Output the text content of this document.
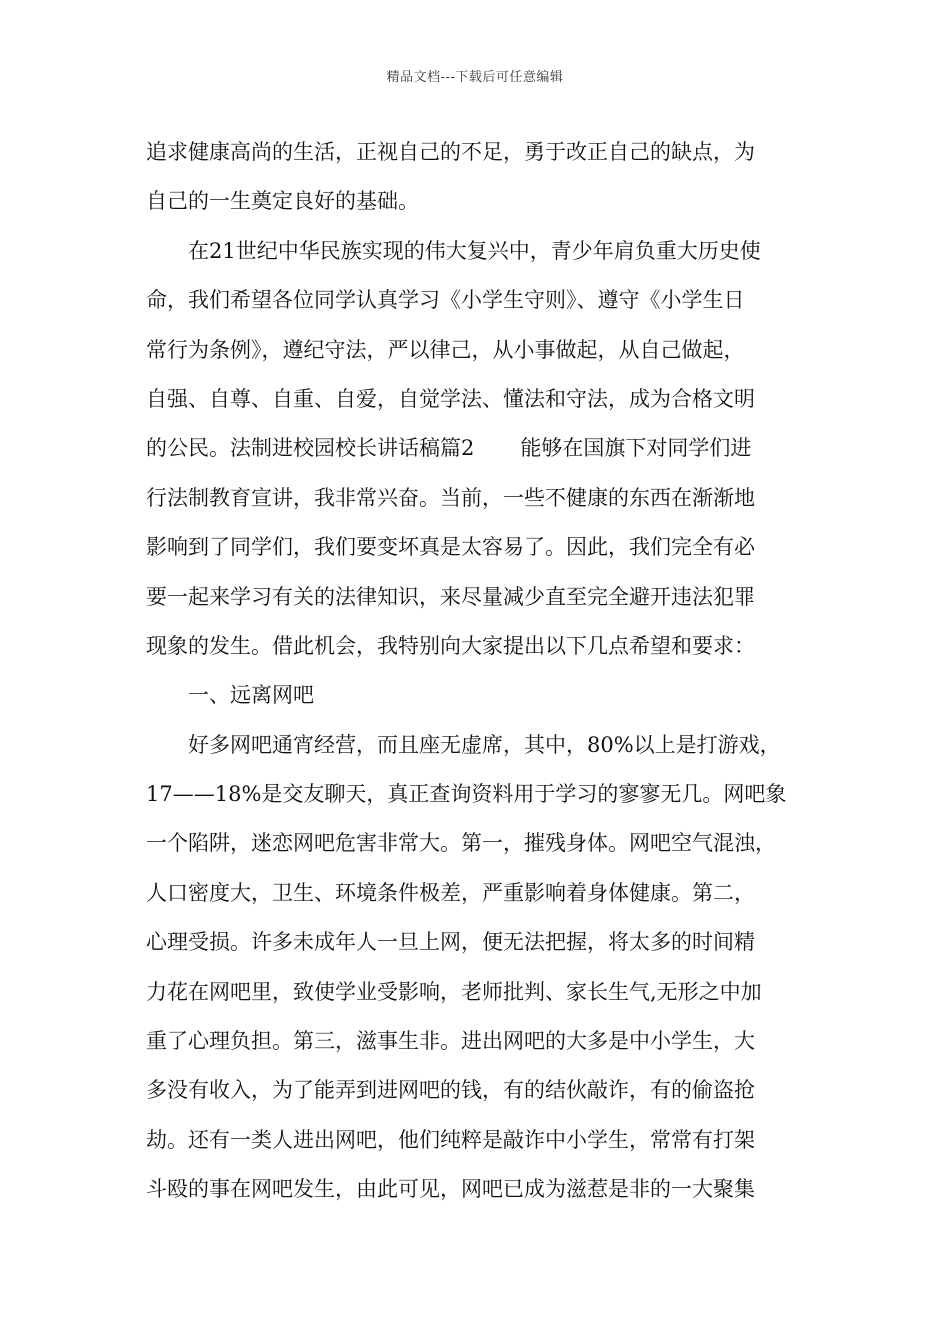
精品文档---下载后可任意编辑
追求健康高尚的生活，正视自己的不足，勇于改正自己的缺点，为
自己的一生奠定良好的基础。
在21世纪中华民族实现的伟大复兴中，青少年肩负重大历史使
命，我们希望各位同学认真学习《小学生守则》、遵守《小学生日
常行为条例》，遵纪守法，严以律己，从小事做起，从自己做起，
自强、自尊、自重、自爱，自觉学法、懂法和守法，成为合格文明
的公民。法制进校园校长讲话稿篇2 能够在国旗下对同学们进
行法制教育宣讲，我非常兴奋。当前，一些不健康的东西在渐渐地
影响到了同学们，我们要变坏真是太容易了。因此，我们完全有必
要一起来学习有关的法律知识，来尽量减少直至完全避开违法犯罪
现象的发生。借此机会，我特别向大家提出以下几点希望和要求：
一、远离网吧
好多网吧通宵经营，而且座无虚席，其中，80%以上是打游戏，
17——18%是交友聊天，真正查询资料用于学习的寥寥无几。网吧象
一个陷阱，迷恋网吧危害非常大。第一，摧残身体。网吧空气混浊，
人口密度大，卫生、环境条件极差，严重影响着身体健康。第二，
心理受损。许多未成年人一旦上网，便无法把握，将太多的时间精
力花在网吧里，致使学业受影响，老师批判、家长生气,无形之中加
重了心理负担。第三，滋事生非。进出网吧的大多是中小学生，大
多没有收入，为了能弄到进网吧的钱，有的结伙敲诈，有的偷盗抢
劫。还有一类人进出网吧，他们纯粹是敲诈中小学生，常常有打架
斗殴的事在网吧发生，由此可见，网吧已成为滋惹是非的一大聚集
